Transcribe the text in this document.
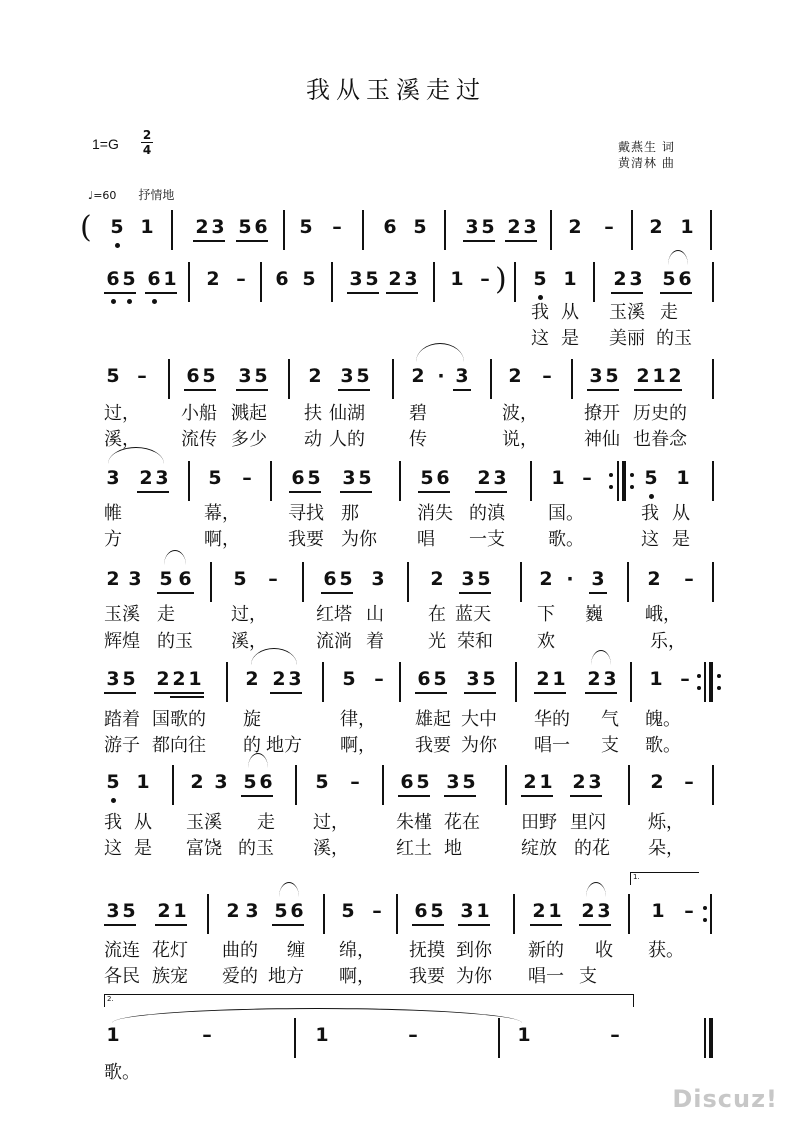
我从玉溪走过
1=G
2
4	戴燕生 词
黄清林 曲
♩=60 抒情地
( 5 1 2 3 5 6 5 – 6 5 3 5 2 3 2 – 2 1
6 5 6 1 2 – 6 5 3 5 2 3 1 – ) 5 1 2 3 5 6
我 从 玉溪 走
这 是 美丽 的玉
5 – 6 5 3 5 2 3 5 2 · 3 2 – 3 5 2 1 2
过， 小船 溅起 扶 仙湖 碧	波，	撩开 历史的
溪， 流传 多少 动 人的 传	说，	神仙 也眷念
3 2 3 5 – 6 5 3 5	5 6 2 3 1 –	5 1
帷	幕，	寻找 那	消失 的滇 国。	我 从
方	啊，	我要 为你 唱 一支 歌。	这 是
2 3 5 6 5 – 6 5 3 2 3 5	2 · 3 2 –
玉溪 走	过，	红塔 山 在 蓝天	下 巍 峨，
辉煌 的玉 溪，	流淌 着 光 荣和 欢	乐，
3 5 2 2 1 2 2 3 5 – 6 5 3 5 2 1 2 3 1 –
踏着 国歌的 旋	律， 雄起 大中 华的 气 魄。
游子 都向往 的 地方 啊， 我要 为你 唱一 支 歌。
5 1 2 3 5 6 5 – 6 5 3 5	2 1 2 3	2 –
我 从 玉溪 走 过，	朱槿 花在 田野 里闪 烁，
这 是 富饶 的玉 溪，	红土 地	绽放 的花 朵，
1.
3 5 2 1 2 3 5 6 5 – 6 5 3 1 2 1 2 3 1 –
流连 花灯 曲的 缠 绵， 抚摸 到你 新的 收 获。
各民 族宠 爱的 地方 啊， 我要 为你 唱一 支
2.
1	–	1	–	1	–
歌。
Discuz!
